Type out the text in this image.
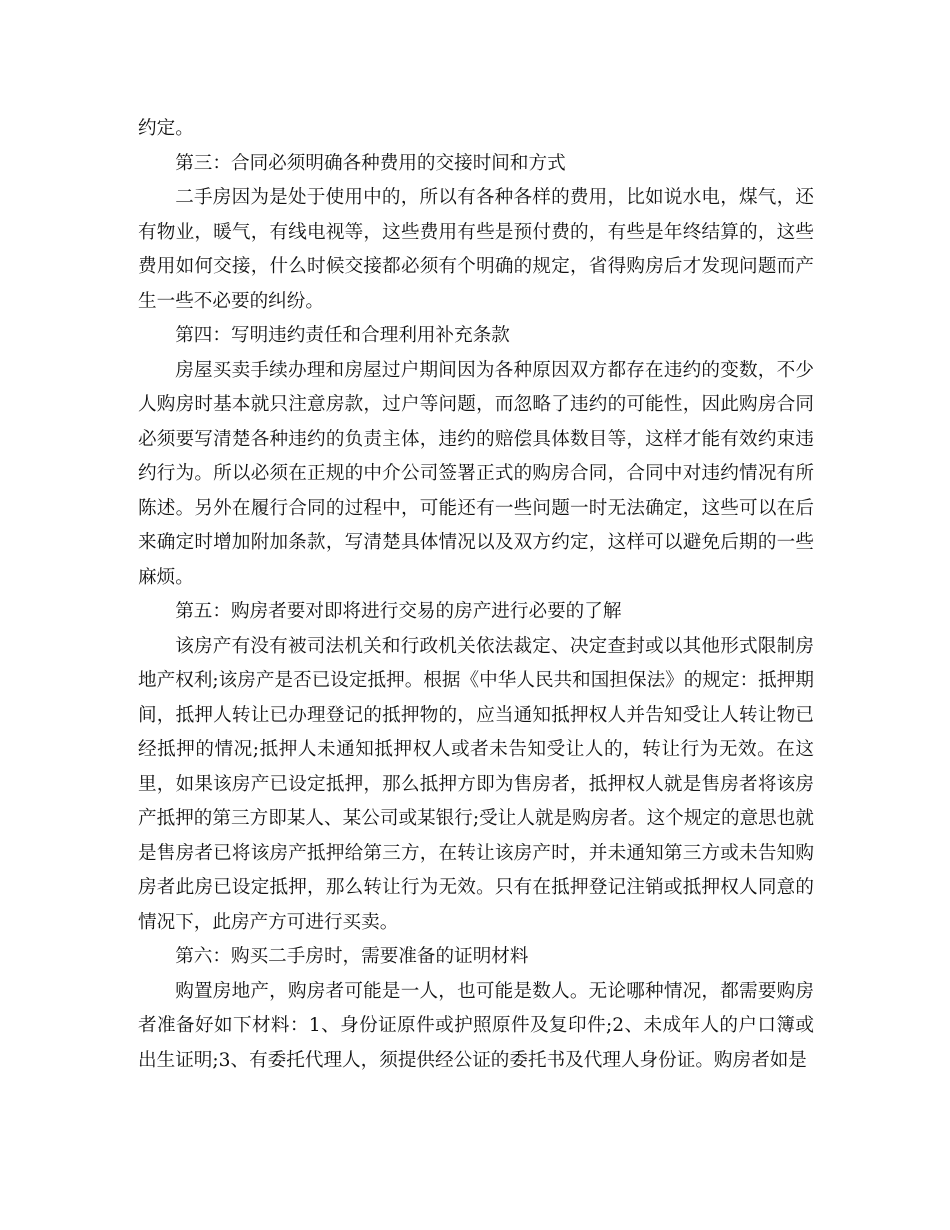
约定。

第三：合同必须明确各种费用的交接时间和方式

二手房因为是处于使用中的，所以有各种各样的费用，比如说水电，煤气，还有物业，暖气，有线电视等，这些费用有些是预付费的，有些是年终结算的，这些费用如何交接，什么时候交接都必须有个明确的规定，省得购房后才发现问题而产生一些不必要的纠纷。

第四：写明违约责任和合理利用补充条款

房屋买卖手续办理和房屋过户期间因为各种原因双方都存在违约的变数，不少人购房时基本就只注意房款，过户等问题，而忽略了违约的可能性，因此购房合同必须要写清楚各种违约的负责主体，违约的赔偿具体数目等，这样才能有效约束违约行为。所以必须在正规的中介公司签署正式的购房合同，合同中对违约情况有所陈述。另外在履行合同的过程中，可能还有一些问题一时无法确定，这些可以在后来确定时增加附加条款，写清楚具体情况以及双方约定，这样可以避免后期的一些麻烦。

第五：购房者要对即将进行交易的房产进行必要的了解

该房产有没有被司法机关和行政机关依法裁定、决定查封或以其他形式限制房地产权利;该房产是否已设定抵押。根据《中华人民共和国担保法》的规定：抵押期间，抵押人转让已办理登记的抵押物的，应当通知抵押权人并告知受让人转让物已经抵押的情况;抵押人未通知抵押权人或者未告知受让人的，转让行为无效。在这里，如果该房产已设定抵押，那么抵押方即为售房者，抵押权人就是售房者将该房产抵押的第三方即某人、某公司或某银行;受让人就是购房者。这个规定的意思也就是售房者已将该房产抵押给第三方，在转让该房产时，并未通知第三方或未告知购房者此房已设定抵押，那么转让行为无效。只有在抵押登记注销或抵押权人同意的情况下，此房产方可进行买卖。

第六：购买二手房时，需要准备的证明材料

购置房地产，购房者可能是一人，也可能是数人。无论哪种情况，都需要购房者准备好如下材料：1、身份证原件或护照原件及复印件;2、未成年人的户口簿或出生证明;3、有委托代理人，须提供经公证的委托书及代理人身份证。购房者如是
